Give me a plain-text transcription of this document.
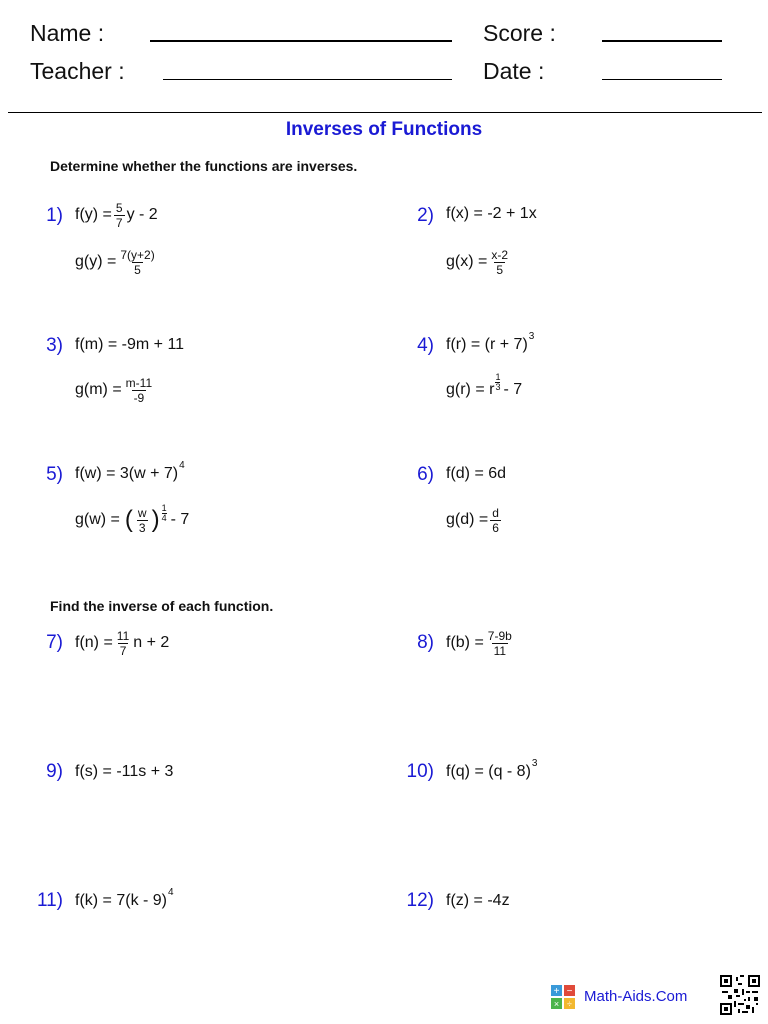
Name :	Score :
Teacher :	Date :
Inverses of Functions
Determine whether the functions are inverses.
1) $f(y) = \frac{5}{7}$ y - 2
$g(y) = \frac{7(y+2)}{5}$
2) f(x) = -2 + 1x
$g(x) = \frac{x-2}{5}$
3) f(m) = -9m + 11
$g(m) = \frac{m-11}{-9}$
4) f(r) = (r + 7) 3
g(r) = r $\frac{1}{3} - 7$
5) f(w) = 3(w + 7) 4
g(w) = ( $\frac{w}{3}$ ) $\frac{1}{4} - 7$
6) f(d) = 6d
$g(d) = \frac{d}{6}$
Find the inverse of each function.
7) $f(n) = \frac{11}{7}$ n + 2	8) $f(b) = \frac{7-9b}{11}$
9) f(s) = -11s + 3	10) f(q) = (q - 8) 3
11) f(k) = 7(k - 9) 4	12) f(z) = -4z
+ −
× ÷ Math-Aids.Com
